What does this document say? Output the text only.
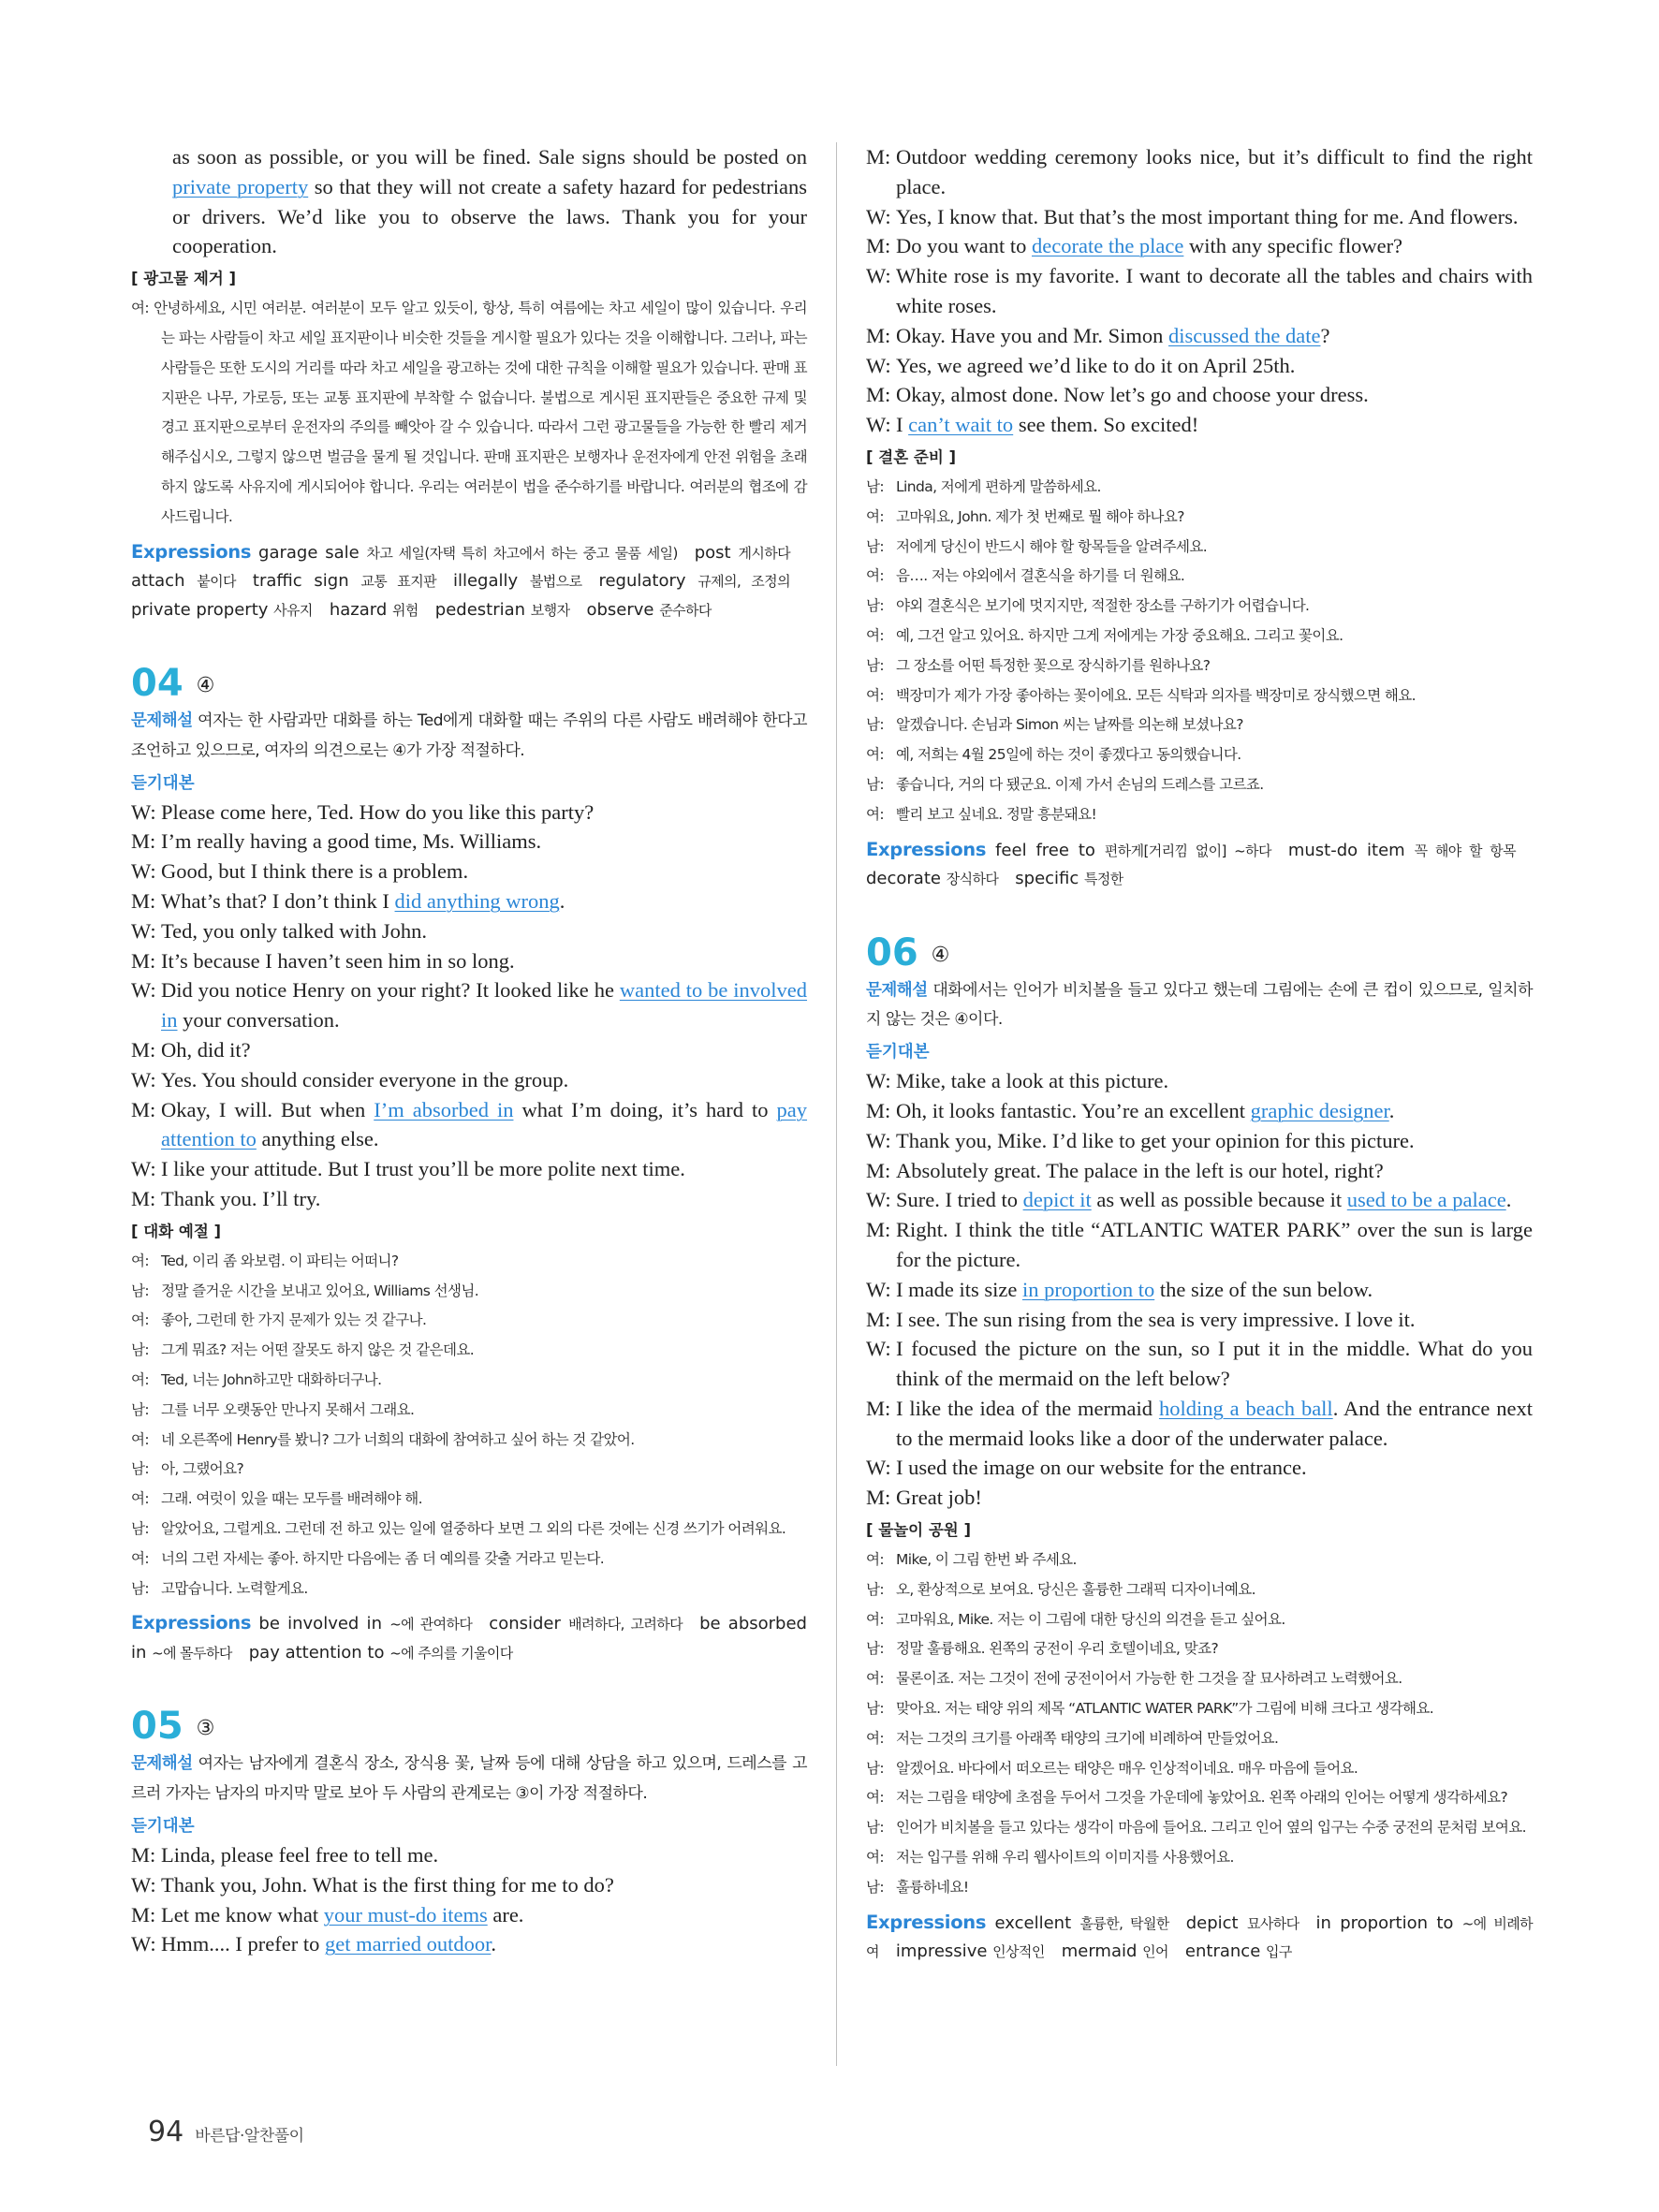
as soon as possible, or you will be fined. Sale signs should be posted on private property so that they will not create a safety hazard for pedestrians or drivers. We’d like you to observe the laws. Thank you for your cooperation.

[ 광고물 제거 ]

여: 안녕하세요, 시민 여러분. 여러분이 모두 알고 있듯이, 항상, 특히 여름에는 차고 세일이 많이 있습니다. 우리는 파는 사람들이 차고 세일 표지판이나 비슷한 것들을 게시할 필요가 있다는 것을 이해합니다. 그러나, 파는 사람들은 또한 도시의 거리를 따라 차고 세일을 광고하는 것에 대한 규칙을 이해할 필요가 있습니다. 판매 표지판은 나무, 가로등, 또는 교통 표지판에 부착할 수 없습니다. 불법으로 게시된 표지판들은 중요한 규제 및 경고 표지판으로부터 운전자의 주의를 빼앗아 갈 수 있습니다. 따라서 그런 광고물들을 가능한 한 빨리 제거해주십시오, 그렇지 않으면 벌금을 물게 될 것입니다. 판매 표지판은 보행자나 운전자에게 안전 위험을 초래하지 않도록 사유지에 게시되어야 합니다. 우리는 여러분이 법을 준수하기를 바랍니다. 여러분의 협조에 감사드립니다.

Expressions garage sale 차고 세일(자택 특히 차고에서 하는 중고 물품 세일)  post 게시하다 attach 붙이다  traffic sign 교통 표지판  illegally 불법으로  regulatory 규제의, 조정의 private property 사유지  hazard 위험  pedestrian 보행자  observe 준수하다 

04 ④

문제해설 여자는 한 사람과만 대화를 하는 Ted에게 대화할 때는 주위의 다른 사람도 배려해야 한다고 조언하고 있으므로, 여자의 의견으로는 ④가 가장 적절하다.

듣기대본

W: Please come here, Ted. How do you like this party?

M: I’m really having a good time, Ms. Williams.

W: Good, but I think there is a problem.

M: What’s that? I don’t think I did anything wrong.

W: Ted, you only talked with John.

M: It’s because I haven’t seen him in so long.

W: Did you notice Henry on your right? It looked like he wanted to be involved in your conversation.

M: Oh, did it?

W: Yes. You should consider everyone in the group.

M: Okay, I will. But when I’m absorbed in what I’m doing, it’s hard to pay attention to anything else.

W: I like your attitude. But I trust you’ll be more polite next time.

M: Thank you. I’ll try.

[ 대화 예절 ]

여: Ted, 이리 좀 와보렴. 이 파티는 어떠니?

남: 정말 즐거운 시간을 보내고 있어요, Williams 선생님.

여: 좋아, 그런데 한 가지 문제가 있는 것 같구나.

남: 그게 뭐죠? 저는 어떤 잘못도 하지 않은 것 같은데요.

여: Ted, 너는 John하고만 대화하더구나.

남: 그를 너무 오랫동안 만나지 못해서 그래요.

여: 네 오른쪽에 Henry를 봤니? 그가 너희의 대화에 참여하고 싶어 하는 것 같았어.

남: 아, 그랬어요?

여: 그래. 여럿이 있을 때는 모두를 배려해야 해.

남: 알았어요, 그럴게요. 그런데 전 하고 있는 일에 열중하다 보면 그 외의 다른 것에는 신경 쓰기가 어려워요.

여: 너의 그런 자세는 좋아. 하지만 다음에는 좀 더 예의를 갖출 거라고 믿는다.

남: 고맙습니다. 노력할게요.

Expressions be involved in ~에 관여하다  consider 배려하다, 고려하다  be absorbed in ~에 몰두하다  pay attention to ~에 주의를 기울이다 

05 ③

문제해설 여자는 남자에게 결혼식 장소, 장식용 꽃, 날짜 등에 대해 상담을 하고 있으며, 드레스를 고르러 가자는 남자의 마지막 말로 보아 두 사람의 관계로는 ③이 가장 적절하다.

듣기대본

M: Linda, please feel free to tell me.

W: Thank you, John. What is the first thing for me to do?

M: Let me know what your must-do items are.

W: Hmm.... I prefer to get married outdoor.

M: Outdoor wedding ceremony looks nice, but it’s difficult to find the right place.

W: Yes, I know that. But that’s the most important thing for me. And flowers.

M: Do you want to decorate the place with any specific flower?

W: White rose is my favorite. I want to decorate all the tables and chairs with white roses.

M: Okay. Have you and Mr. Simon discussed the date?

W: Yes, we agreed we’d like to do it on April 25th.

M: Okay, almost done. Now let’s go and choose your dress.

W: I can’t wait to see them. So excited!

[ 결혼 준비 ]

남: Linda, 저에게 편하게 말씀하세요.

여: 고마워요, John. 제가 첫 번째로 뭘 해야 하나요?

남: 저에게 당신이 반드시 해야 할 항목들을 알려주세요.

여: 음…. 저는 야외에서 결혼식을 하기를 더 원해요.

남: 야외 결혼식은 보기에 멋지지만, 적절한 장소를 구하기가 어렵습니다.

여: 예, 그건 알고 있어요. 하지만 그게 저에게는 가장 중요해요. 그리고 꽃이요.

남: 그 장소를 어떤 특정한 꽃으로 장식하기를 원하나요?

여: 백장미가 제가 가장 좋아하는 꽃이에요. 모든 식탁과 의자를 백장미로 장식했으면 해요.

남: 알겠습니다. 손님과 Simon 씨는 날짜를 의논해 보셨나요?

여: 예, 저희는 4월 25일에 하는 것이 좋겠다고 동의했습니다.

남: 좋습니다, 거의 다 됐군요. 이제 가서 손님의 드레스를 고르죠.

여: 빨리 보고 싶네요. 정말 흥분돼요!

Expressions feel free to 편하게[거리낌 없이] ~하다  must-do item 꼭 해야 할 항목 decorate 장식하다  specific 특정한 

06 ④

문제해설 대화에서는 인어가 비치볼을 들고 있다고 했는데 그림에는 손에 큰 컵이 있으므로, 일치하지 않는 것은 ④이다.

듣기대본

W: Mike, take a look at this picture.

M: Oh, it looks fantastic. You’re an excellent graphic designer.

W: Thank you, Mike. I’d like to get your opinion for this picture.

M: Absolutely great. The palace in the left is our hotel, right?

W: Sure. I tried to depict it as well as possible because it used to be a palace.

M: Right. I think the title “ATLANTIC WATER PARK” over the sun is large for the picture.

W: I made its size in proportion to the size of the sun below.

M: I see. The sun rising from the sea is very impressive. I love it.

W: I focused the picture on the sun, so I put it in the middle. What do you think of the mermaid on the left below?

M: I like the idea of the mermaid holding a beach ball. And the entrance next to the mermaid looks like a door of the underwater palace.

W: I used the image on our website for the entrance.

M: Great job!

[ 물놀이 공원 ]

여: Mike, 이 그림 한번 봐 주세요.

남: 오, 환상적으로 보여요. 당신은 훌륭한 그래픽 디자이너예요.

여: 고마워요, Mike. 저는 이 그림에 대한 당신의 의견을 듣고 싶어요.

남: 정말 훌륭해요. 왼쪽의 궁전이 우리 호텔이네요, 맞죠?

여: 물론이죠. 저는 그것이 전에 궁전이어서 가능한 한 그것을 잘 묘사하려고 노력했어요.

남: 맞아요. 저는 태양 위의 제목 “ATLANTIC WATER PARK”가 그림에 비해 크다고 생각해요.

여: 저는 그것의 크기를 아래쪽 태양의 크기에 비례하여 만들었어요.

남: 알겠어요. 바다에서 떠오르는 태양은 매우 인상적이네요. 매우 마음에 들어요.

여: 저는 그림을 태양에 초점을 두어서 그것을 가운데에 놓았어요. 왼쪽 아래의 인어는 어떻게 생각하세요?

남: 인어가 비치볼을 들고 있다는 생각이 마음에 들어요. 그리고 인어 옆의 입구는 수중 궁전의 문처럼 보여요.

여: 저는 입구를 위해 우리 웹사이트의 이미지를 사용했어요.

남: 훌륭하네요!

Expressions excellent 훌륭한, 탁월한  depict 묘사하다  in proportion to ~에 비례하여  impressive 인상적인  mermaid 인어  entrance 입구 

94 바른답·알찬풀이
